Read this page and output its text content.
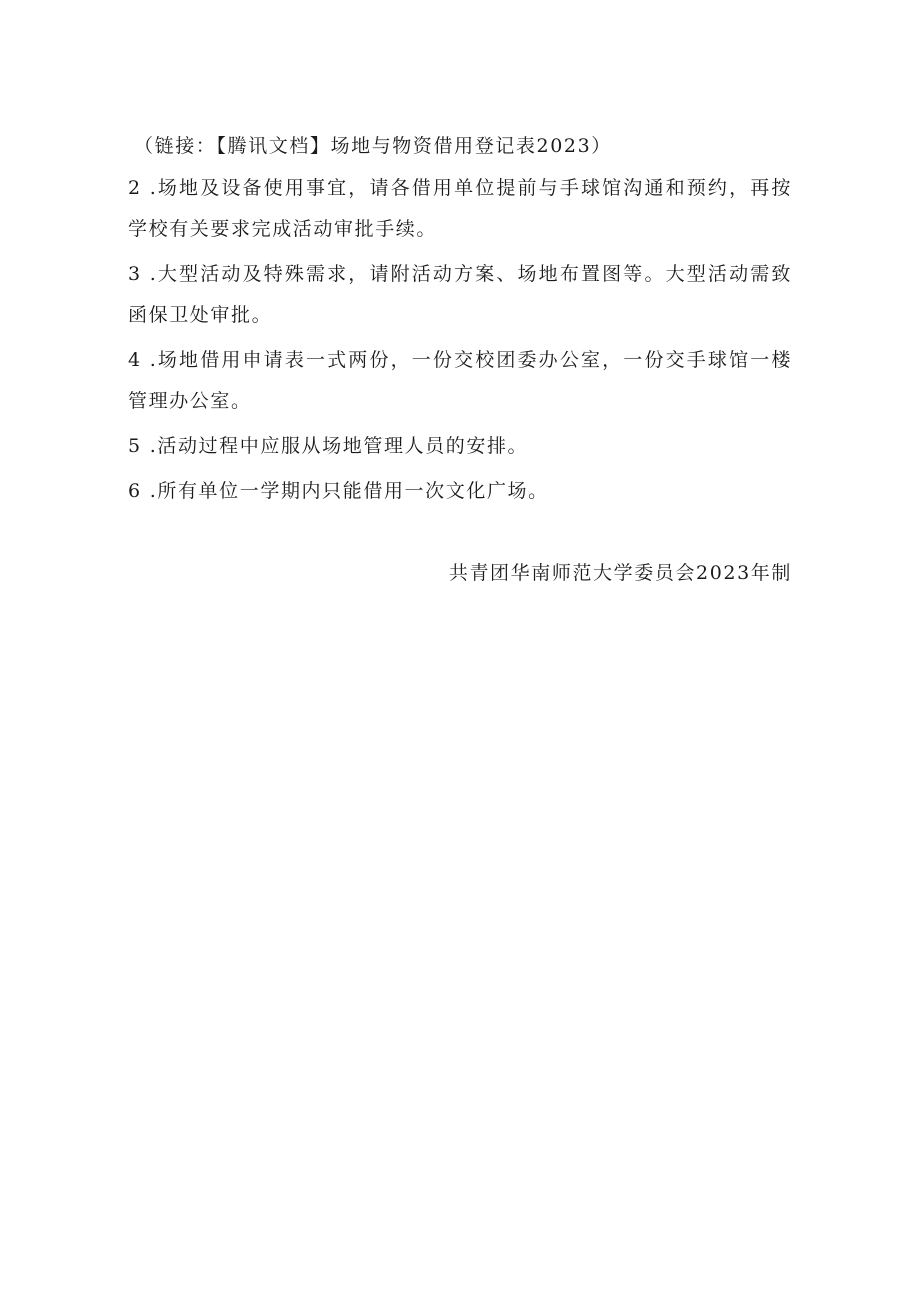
（链接：【腾讯文档】场地与物资借用登记表2023）
2 .场地及设备使用事宜，请各借用单位提前与手球馆沟通和预约，再按学校有关要求完成活动审批手续。
3 .大型活动及特殊需求，请附活动方案、场地布置图等。大型活动需致函保卫处审批。
4 .场地借用申请表一式两份，一份交校团委办公室，一份交手球馆一楼管理办公室。
5 .活动过程中应服从场地管理人员的安排。
6 .所有单位一学期内只能借用一次文化广场。
共青团华南师范大学委员会2023年制
